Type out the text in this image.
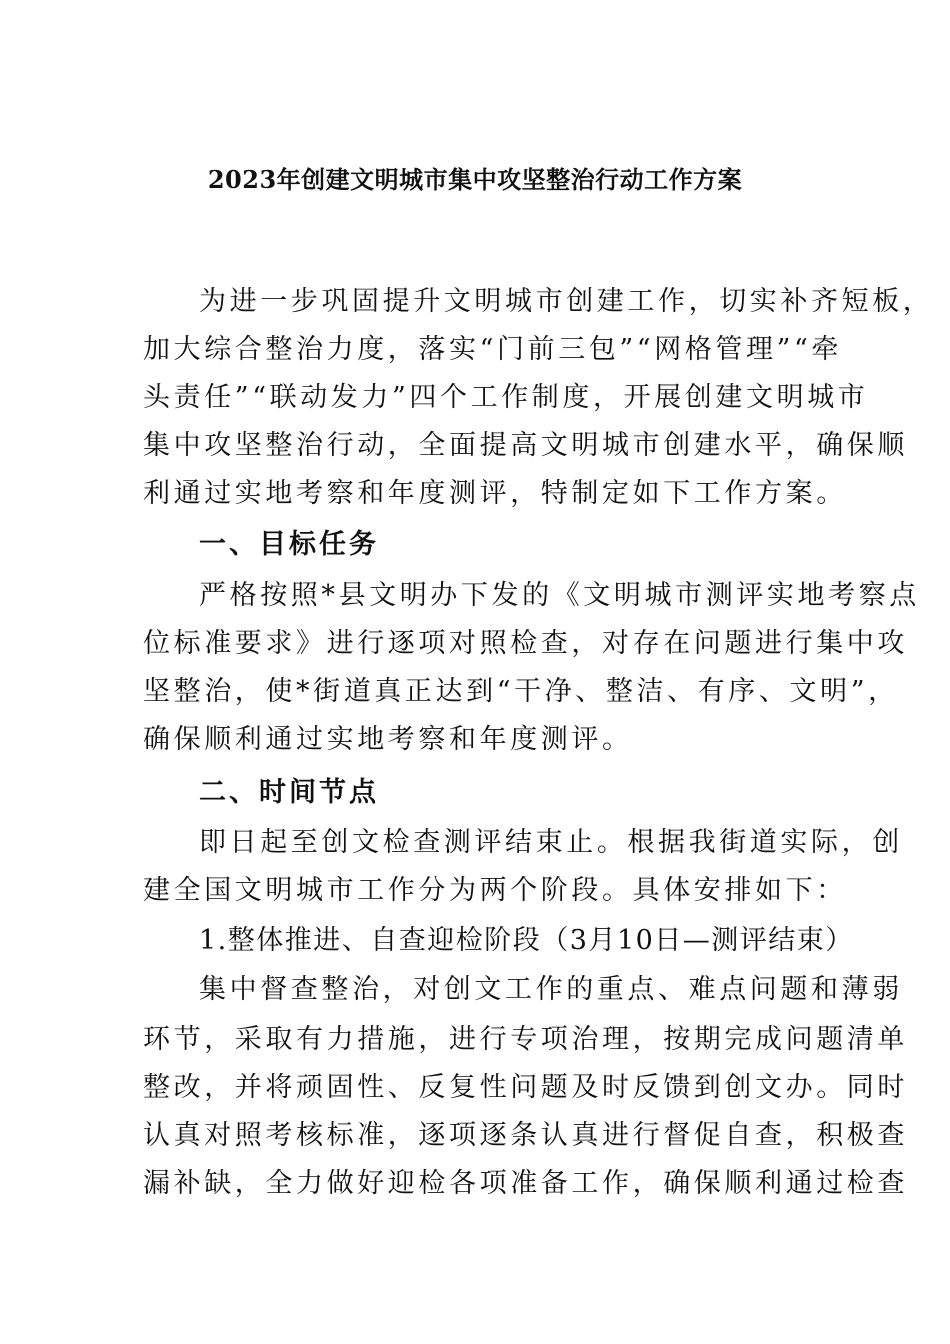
2023年创建文明城市集中攻坚整治行动工作方案
为进一步巩固提升文明城市创建工作，切实补齐短板，
加大综合整治力度，落实“门前三包”“网格管理”“牵
头责任”“联动发力”四个工作制度，开展创建文明城市
集中攻坚整治行动，全面提高文明城市创建水平，确保顺
利通过实地考察和年度测评，特制定如下工作方案。
一、目标任务
严格按照*县文明办下发的《文明城市测评实地考察点
位标准要求》进行逐项对照检查，对存在问题进行集中攻
坚整治，使*街道真正达到“干净、整洁、有序、文明”，
确保顺利通过实地考察和年度测评。
二、时间节点
即日起至创文检查测评结束止。根据我街道实际，创
建全国文明城市工作分为两个阶段。具体安排如下：
1.整体推进、自查迎检阶段（3月10日—测评结束）
集中督查整治，对创文工作的重点、难点问题和薄弱
环节，采取有力措施，进行专项治理，按期完成问题清单
整改，并将顽固性、反复性问题及时反馈到创文办。同时
认真对照考核标准，逐项逐条认真进行督促自查，积极查
漏补缺，全力做好迎检各项准备工作，确保顺利通过检查
